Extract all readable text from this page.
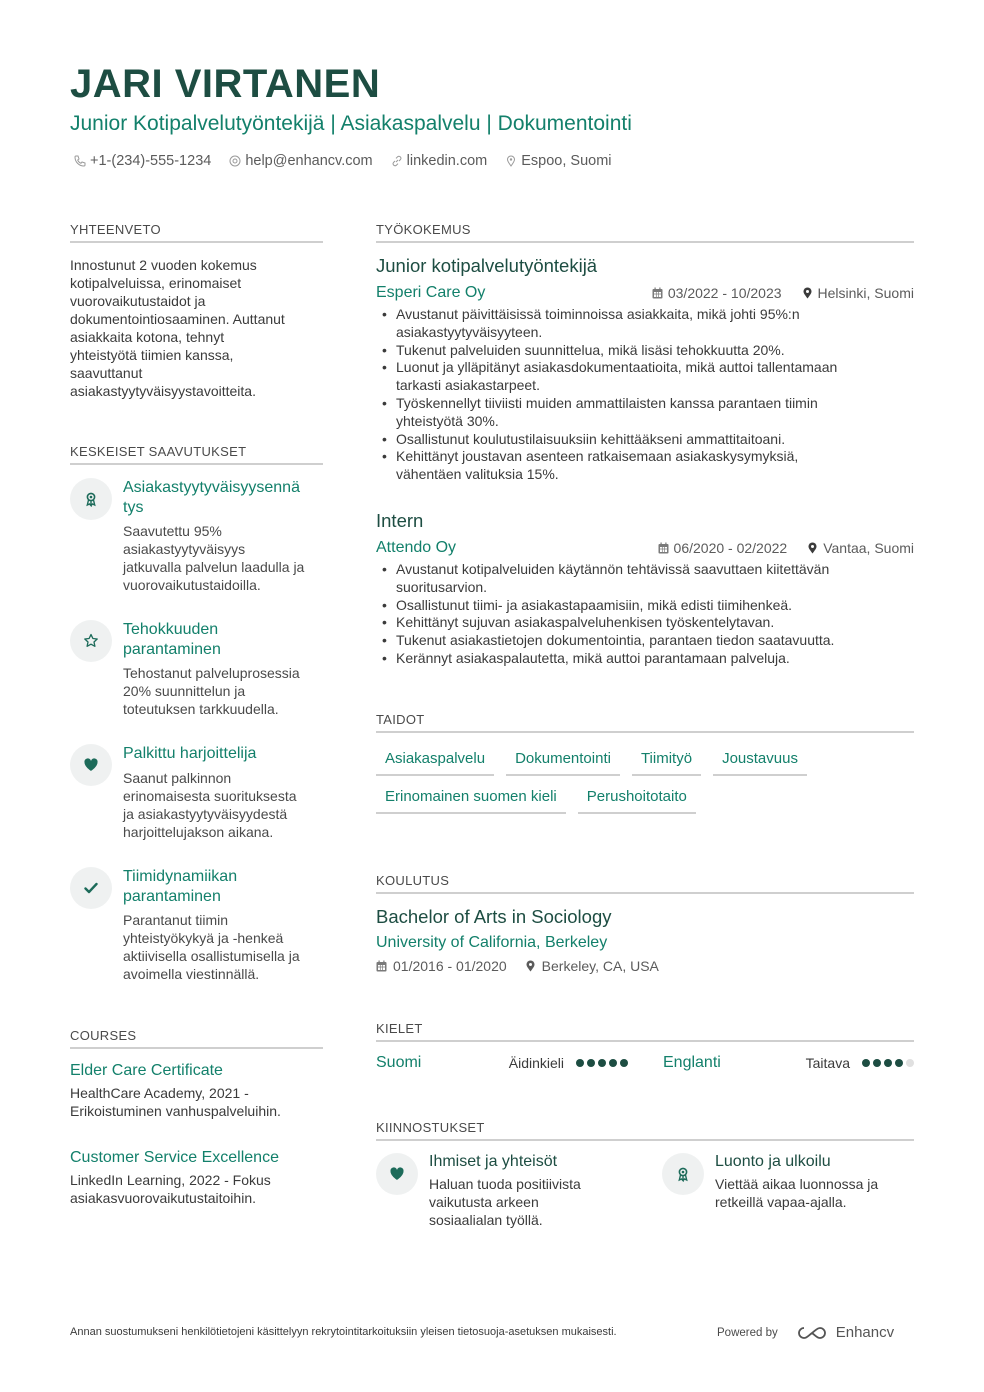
JARI VIRTANEN
Junior Kotipalvelutyöntekijä | Asiakaspalvelu | Dokumentointi
+1-(234)-555-1234 help@enhancv.com linkedin.com Espoo, Suomi
YHTEENVETO
Innostunut 2 vuoden kokemus
kotipalveluissa, erinomaiset
vuorovaikutustaidot ja
dokumentointiosaaminen. Auttanut
asiakkaita kotona, tehnyt
yhteistyötä tiimien kanssa,
saavuttanut
asiakastyytyväisyystavoitteita.
KESKEISET SAAVUTUKSET
Asiakastyytyväisyysennä
tys
Saavutettu 95%
asiakastyytyväisyys
jatkuvalla palvelun laadulla ja
vuorovaikutustaidoilla.
Tehokkuuden
parantaminen
Tehostanut palveluprosessia
20% suunnittelun ja
toteutuksen tarkkuudella.
Palkittu harjoittelija
Saanut palkinnon
erinomaisesta suorituksesta
ja asiakastyytyväisyydestä
harjoittelujakson aikana.
Tiimidynamiikan
parantaminen
Parantanut tiimin
yhteistyökykyä ja -henkeä
aktiivisella osallistumisella ja
avoimella viestinnällä.
COURSES
Elder Care Certificate
HealthCare Academy, 2021 -
Erikoistuminen vanhuspalveluihin.
Customer Service Excellence
LinkedIn Learning, 2022 - Fokus
asiakasvuorovaikutustaitoihin.
TYÖKOKEMUS
Junior kotipalvelutyöntekijä
Esperi Care Oy	03/2022 - 10/2023	Helsinki, Suomi
• Avustanut päivittäisissä toiminnoissa asiakkaita, mikä johti 95%:n
asiakastyytyväisyyteen.
• Tukenut palveluiden suunnittelua, mikä lisäsi tehokkuutta 20%.
• Luonut ja ylläpitänyt asiakasdokumentaatioita, mikä auttoi tallentamaan
tarkasti asiakastarpeet.
• Työskennellyt tiiviisti muiden ammattilaisten kanssa parantaen tiimin
yhteistyötä 30%.
• Osallistunut koulutustilaisuuksiin kehittääkseni ammattitaitoani.
• Kehittänyt joustavan asenteen ratkaisemaan asiakaskysymyksiä,
vähentäen valituksia 15%.
Intern
Attendo Oy	06/2020 - 02/2022	Vantaa, Suomi
• Avustanut kotipalveluiden käytännön tehtävissä saavuttaen kiitettävän
suoritusarvion.
• Osallistunut tiimi- ja asiakastapaamisiin, mikä edisti tiimihenkeä.
• Kehittänyt sujuvan asiakaspalveluhenkisen työskentelytavan.
• Tukenut asiakastietojen dokumentointia, parantaen tiedon saatavuutta.
• Kerännyt asiakaspalautetta, mikä auttoi parantamaan palveluja.
TAIDOT
Asiakaspalvelu	Dokumentointi	Tiimityö	Joustavuus
Erinomainen suomen kieli	Perushoitotaito
KOULUTUS
Bachelor of Arts in Sociology
University of California, Berkeley
01/2016 - 01/2020	Berkeley, CA, USA
KIELET
Suomi	Äidinkieli	Englanti	Taitava
KIINNOSTUKSET
Ihmiset ja yhteisöt
Haluan tuoda positiivista
vaikutusta arkeen
sosiaalialan työllä.
Luonto ja ulkoilu
Viettää aikaa luonnossa ja
retkeillä vapaa-ajalla.
Annan suostumukseni henkilötietojeni käsittelyyn rekrytointitarkoituksiin yleisen tietosuoja-asetuksen mukaisesti.	Powered by	Enhancv
